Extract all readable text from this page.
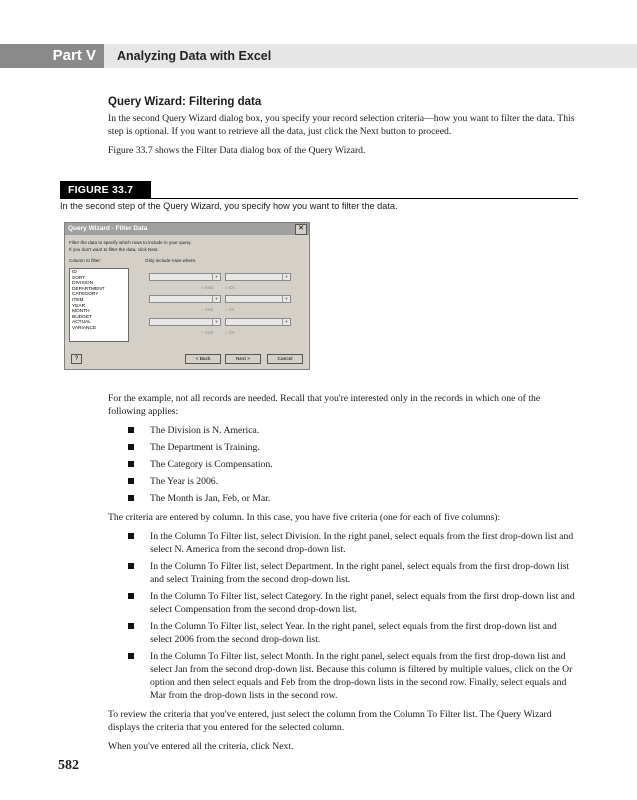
Part V	Analyzing Data with Excel
Query Wizard: Filtering data

In the second Query Wizard dialog box, you specify your record selection criteria—how you want to filter the data. This step is optional. If you want to retrieve all the data, just click the Next button to proceed.

Figure 33.7 shows the Filter Data dialog box of the Query Wizard.

FIGURE 33.7
In the second step of the Query Wizard, you specify how you want to filter the data.
Query Wizard - Filter Data	✕
Filter the data to specify which rows to include in your query.
If you don't want to filter the data, click Next.
Column to filter:	Only include rows where:
ID
SORT
DIVISION
DEPARTMENT
CATEGORY
ITEM
YEAR
MONTH
BUDGET
ACTUAL
VARIANCE
▼	▼
○ And	○ Or
▼	▼
○ And	○ Or
▼	▼
○ And	○ Or
?	< Back	Next >	Cancel

For the example, not all records are needed. Recall that you're interested only in the records in which one of the following applies:

The Division is N. America.
The Department is Training.
The Category is Compensation.
The Year is 2006.
The Month is Jan, Feb, or Mar.

The criteria are entered by column. In this case, you have five criteria (one for each of five columns):

In the Column To Filter list, select Division. In the right panel, select equals from the first drop-down list and select N. America from the second drop-down list.
In the Column To Filter list, select Department. In the right panel, select equals from the first drop-down list and select Training from the second drop-down list.
In the Column To Filter list, select Category. In the right panel, select equals from the first drop-down list and select Compensation from the second drop-down list.
In the Column To Filter list, select Year. In the right panel, select equals from the first drop-down list and select 2006 from the second drop-down list.
In the Column To Filter list, select Month. In the right panel, select equals from the first drop-down list and select Jan from the second drop-down list. Because this column is filtered by multiple values, click on the Or option and then select equals and Feb from the drop-down lists in the second row. Finally, select equals and Mar from the drop-down lists in the second row.

To review the criteria that you've entered, just select the column from the Column To Filter list. The Query Wizard displays the criteria that you entered for the selected column.

When you've entered all the criteria, click Next.

582
